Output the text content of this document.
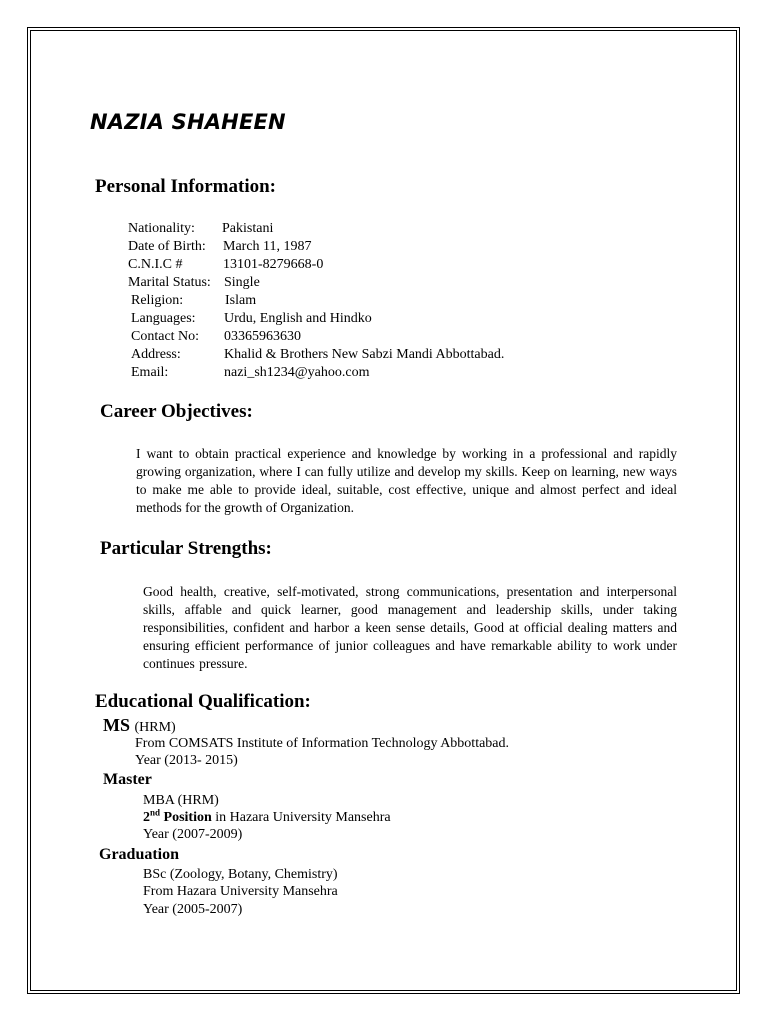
NAZIA SHAHEEN
Personal Information:
Nationality: Pakistani
Date of Birth: March 11, 1987
C.N.I.C #	13101-8279668-0
Marital Status: Single
Religion:	Islam
Languages: Urdu, English and Hindko
Contact No: 03365963630
Address:	Khalid & Brothers New Sabzi Mandi Abbottabad.
Email:	nazi_sh1234@yahoo.com
Career Objectives:
I want to obtain practical experience and knowledge by working in a professional and rapidly growing organization, where I can fully utilize and develop my skills. Keep on learning, new ways to make me able to provide ideal, suitable, cost effective, unique and almost perfect and ideal methods for the growth of Organization.
Particular Strengths:
Good health, creative, self-motivated, strong communications, presentation and interpersonal skills, affable and quick learner, good management and leadership skills, under taking responsibilities, confident and harbor a keen sense details, Good at official dealing matters and ensuring efficient performance of junior colleagues and have remarkable ability to work under continues pressure.
Educational Qualification:
MS (HRM)
From COMSATS Institute of Information Technology Abbottabad.
Year (2013- 2015)
Master
MBA (HRM)
2nd Position in Hazara University Mansehra
Year (2007-2009)
Graduation
BSc (Zoology, Botany, Chemistry)
From Hazara University Mansehra
Year (2005-2007)
